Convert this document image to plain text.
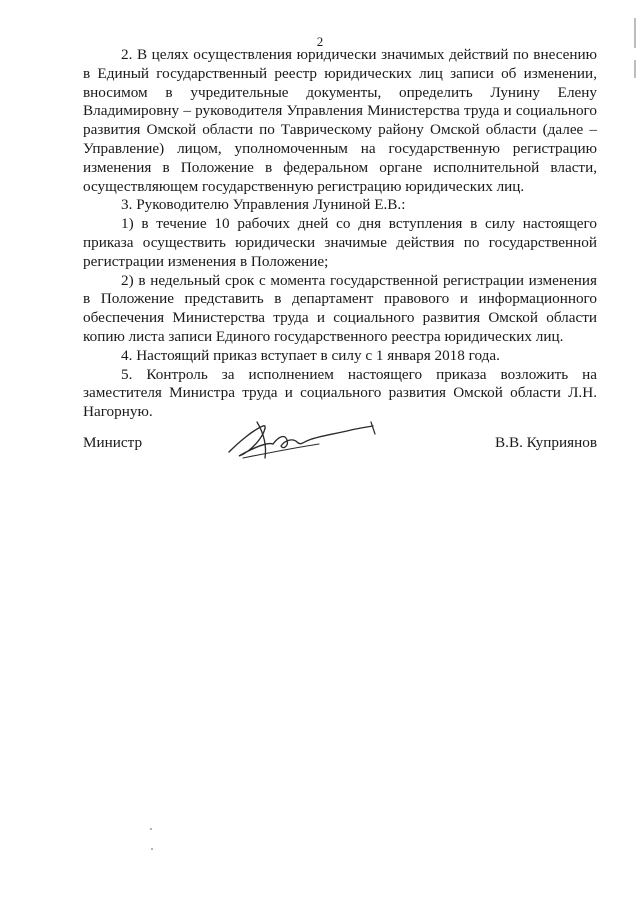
2

2. В целях осуществления юридически значимых действий по внесению в Единый государственный реестр юридических лиц записи об изменении, вносимом в учредительные документы, определить Лунину Елену Владимировну – руководителя Управления Министерства труда и социального развития Омской области по Таврическому району Омской области (далее – Управление) лицом, уполномоченным на государственную регистрацию изменения в Положение в федеральном органе исполнительной власти, осуществляющем государственную регистрацию юридических лиц.

3. Руководителю Управления Луниной Е.В.:

1) в течение 10 рабочих дней со дня вступления в силу настоящего приказа осуществить юридически значимые действия по государственной регистрации изменения в Положение;

2) в недельный срок с момента государственной регистрации изменения в Положение представить в департамент правового и информационного обеспечения Министерства труда и социального развития Омской области копию листа записи Единого государственного реестра юридических лиц.

4. Настоящий приказ вступает в силу с 1 января 2018 года.

5. Контроль за исполнением настоящего приказа возложить на заместителя Министра труда и социального развития Омской области Л.Н. Нагорную.

Министр	В.В. Куприянов
